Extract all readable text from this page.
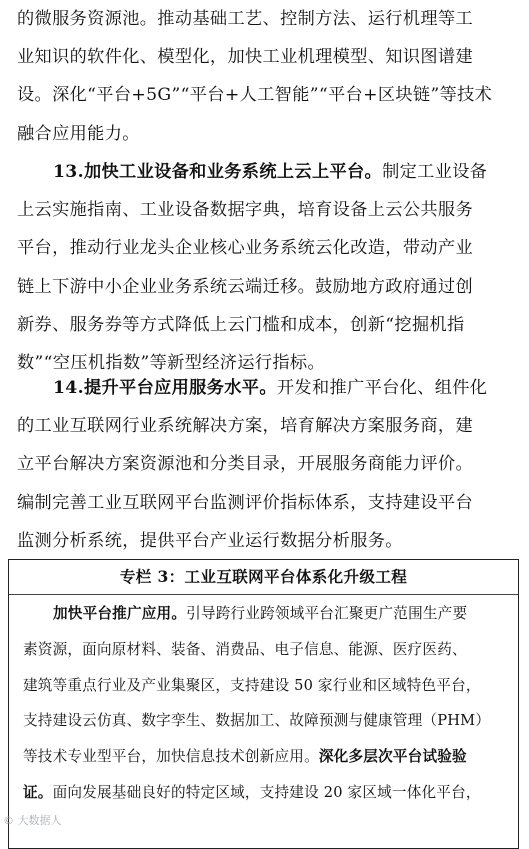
的微服务资源池。推动基础工艺、控制方法、运行机理等工
业知识的软件化、模型化，加快工业机理模型、知识图谱建
设。深化“平台+5G”“平台+人工智能”“平台+区块链”等技术
融合应用能力。
13.加快工业设备和业务系统上云上平台。制定工业设备
上云实施指南、工业设备数据字典，培育设备上云公共服务
平台，推动行业龙头企业核心业务系统云化改造，带动产业
链上下游中小企业业务系统云端迁移。鼓励地方政府通过创
新券、服务券等方式降低上云门槛和成本，创新“挖掘机指
数”“空压机指数”等新型经济运行指标。
14.提升平台应用服务水平。开发和推广平台化、组件化
的工业互联网行业系统解决方案，培育解决方案服务商，建
立平台解决方案资源池和分类目录，开展服务商能力评价。
编制完善工业互联网平台监测评价指标体系，支持建设平台
监测分析系统，提供平台产业运行数据分析服务。
专栏 3：工业互联网平台体系化升级工程
加快平台推广应用。引导跨行业跨领域平台汇聚更广范围生产要
素资源，面向原材料、装备、消费品、电子信息、能源、医疗医药、
建筑等重点行业及产业集聚区，支持建设 50 家行业和区域特色平台，
支持建设云仿真、数字孪生、数据加工、故障预测与健康管理（PHM）
等技术专业型平台，加快信息技术创新应用。深化多层次平台试验验
证。面向发展基础良好的特定区域，支持建设 20 家区域一体化平台，
© 大数据人
